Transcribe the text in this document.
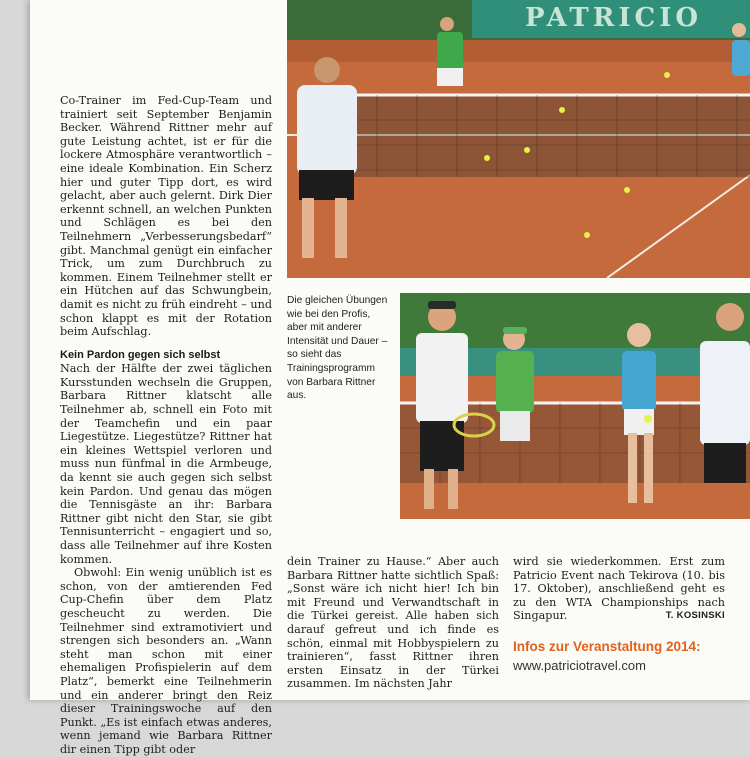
PATRICIO

Co-Trainer im Fed-Cup-Team und trainiert seit September Benjamin Becker. Während Rittner mehr auf gute Leistung achtet, ist er für die lockere Atmosphäre verantwortlich – eine ideale Kombination. Ein Scherz hier und guter Tipp dort, es wird gelacht, aber auch gelernt. Dirk Dier erkennt schnell, an welchen Punkten und Schlägen es bei den Teilnehmern „Verbesserungsbedarf“ gibt. Manchmal genügt ein einfacher Trick, um zum Durchbruch zu kommen. Einem Teilnehmer stellt er ein Hütchen auf das Schwungbein, damit es nicht zu früh eindreht – und schon klappt es mit der Rotation beim Aufschlag.

Kein Pardon gegen sich selbst

Nach der Hälfte der zwei täglichen Kursstunden wechseln die Gruppen, Barbara Rittner klatscht alle Teilnehmer ab, schnell ein Foto mit der Teamchefin und ein paar Liegestütze. Liegestütze? Rittner hat ein kleines Wettspiel verloren und muss nun fünfmal in die Armbeuge, da kennt sie auch gegen sich selbst kein Pardon. Und genau das mögen die Tennisgäste an ihr: Barbara Rittner gibt nicht den Star, sie gibt Tennisunterricht – engagiert und so, dass alle Teilnehmer auf ihre Kosten kommen.

Obwohl: Ein wenig unüblich ist es schon, von der amtierenden Fed Cup-Chefin über dem Platz gescheucht zu werden. Die Teilnehmer sind extramotiviert und strengen sich besonders an. „Wann steht man schon mit einer ehemaligen Profispielerin auf dem Platz“, bemerkt eine Teilnehmerin und ein anderer bringt den Reiz dieser Trainingswoche auf den Punkt. „Es ist einfach etwas anderes, wenn jemand wie Barbara Rittner dir einen Tipp gibt oder

Die gleichen Übungen wie bei den Profis, aber mit anderer Intensität und Dauer – so sieht das Trainingsprogramm von Barbara Rittner aus.

dein Trainer zu Hause.“ Aber auch Barbara Rittner hatte sichtlich Spaß: „Sonst wäre ich nicht hier! Ich bin mit Freund und Verwandtschaft in die Türkei gereist. Alle haben sich darauf gefreut und ich finde es schön, einmal mit Hobbyspielern zu trainieren“, fasst Rittner ihren ersten Einsatz in der Türkei zusammen. Im nächsten Jahr

wird sie wiederkommen. Erst zum Patricio Event nach Tekirova (10. bis 17. Oktober), anschließend geht es zu den WTA Championships nach Singapur.	T. KOSINSKI

Infos zur Veranstaltung 2014:
www.patriciotravel.com
